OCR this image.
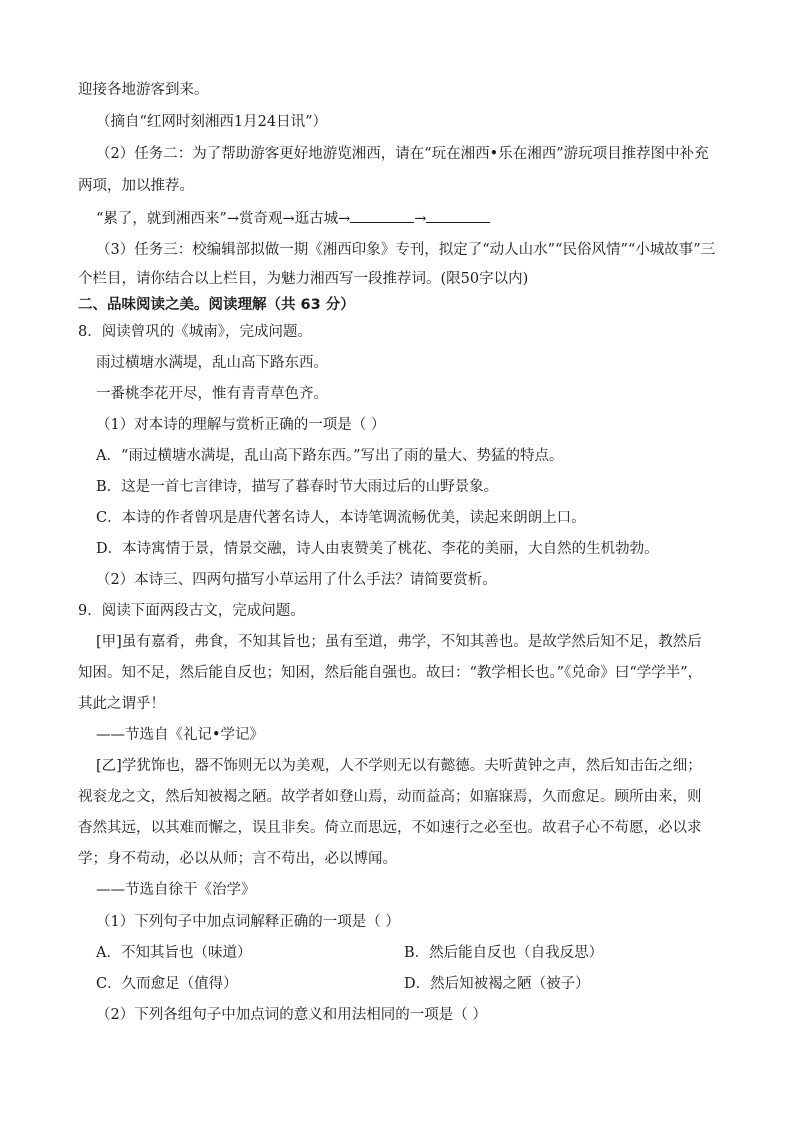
迎接各地游客到来。
（摘自“红网时刻湘西1月24日讯”）
（2）任务二：为了帮助游客更好地游览湘西，请在“玩在湘西•乐在湘西”游玩项目推荐图中补充
两项，加以推荐。
“累了，就到湘西来”→赏奇观→逛古城→	→
（3）任务三：校编辑部拟做一期《湘西印象》专刊，拟定了“动人山水”“民俗风情”“小城故事”三
个栏目，请你结合以上栏目，为魅力湘西写一段推荐词。(限50字以内)
二、品味阅读之美。阅读理解（共 63 分）
8．阅读曾巩的《城南》，完成问题。
雨过横塘水满堤，乱山高下路东西。
一番桃李花开尽，惟有青青草色齐。
（1）对本诗的理解与赏析正确的一项是（ ）
A．“雨过横塘水满堤，乱山高下路东西。”写出了雨的量大、势猛的特点。
B．这是一首七言律诗，描写了暮春时节大雨过后的山野景象。
C．本诗的作者曾巩是唐代著名诗人，本诗笔调流畅优美，读起来朗朗上口。
D．本诗寓情于景，情景交融，诗人由衷赞美了桃花、李花的美丽，大自然的生机勃勃。
（2）本诗三、四两句描写小草运用了什么手法？请简要赏析。
9．阅读下面两段古文，完成问题。
[甲]虽有嘉肴，弗食，不知其旨也；虽有至道，弗学，不知其善也。是故学然后知不足，教然后
知困。知不足，然后能自反也；知困，然后能自强也。故曰：“教学相长也。”《兑命》曰“学学半”，
其此之谓乎！
——节选自《礼记•学记》
[乙]学犹饰也，器不饰则无以为美观，人不学则无以有懿德。夫听黄钟之声，然后知击缶之细；
视衮龙之文，然后知被褐之陋。故学者如登山焉，动而益高；如寤寐焉，久而愈足。顾所由来，则
杳然其远，以其难而懈之，误且非矣。倚立而思远，不如速行之必至也。故君子心不苟愿，必以求
学；身不苟动，必以从师；言不苟出，必以博闻。
——节选自徐干《治学》
（1）下列句子中加点词解释正确的一项是（ ）
A．不知其旨也（味道）	B．然后能自反也（自我反思）
C．久而愈足（值得）	D．然后知被褐之陋（被子）
（2）下列各组句子中加点词的意义和用法相同的一项是（ ）
